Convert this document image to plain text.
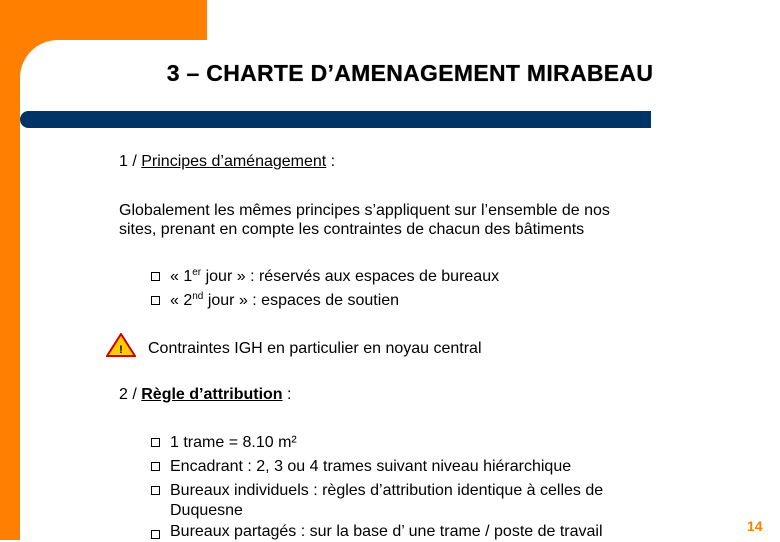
3 – CHARTE D’AMENAGEMENT MIRABEAU
1 / Principes d’aménagement :
Globalement les mêmes principes s’appliquent sur l’ensemble de nos
sites, prenant en compte les contraintes de chacun des bâtiments
« 1er jour » : réservés aux espaces de bureaux
« 2nd jour » : espaces de soutien
! Contraintes IGH en particulier en noyau central
2 / Règle d’attribution :
1 trame = 8.10 m²
Encadrant : 2, 3 ou 4 trames suivant niveau hiérarchique
Bureaux individuels : règles d’attribution identique à celles de
Duquesne
Bureaux partagés : sur la base d’ une trame / poste de travail	14
